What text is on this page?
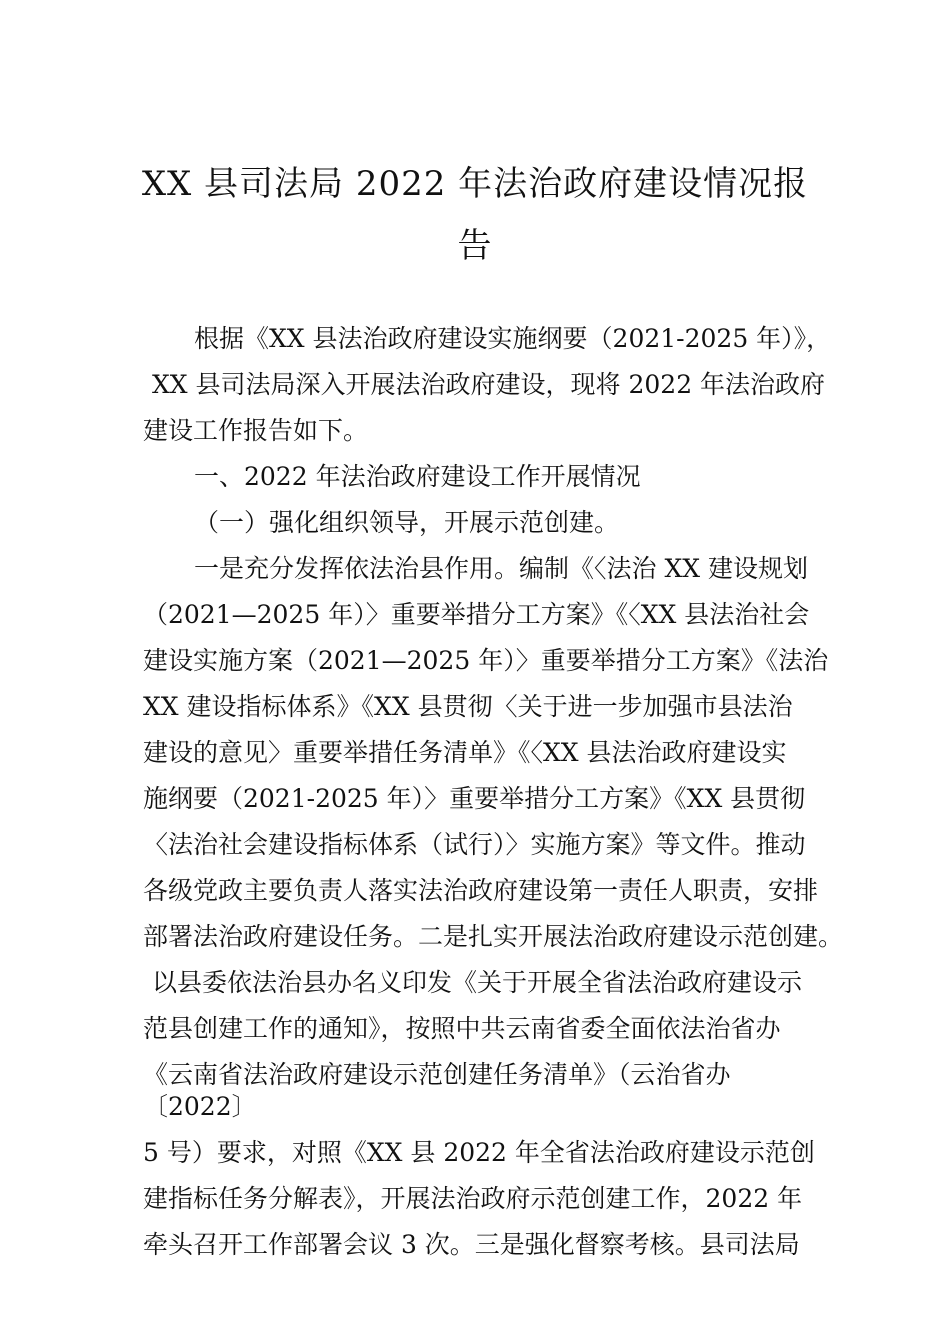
XX 县司法局 2022 年法治政府建设情况报
告
根据《XX 县法治政府建设实施纲要（2021-2025 年）》，
XX 县司法局深入开展法治政府建设，现将 2022 年法治政府
建设工作报告如下。
一、2022 年法治政府建设工作开展情况
（一）强化组织领导，开展示范创建。
一是充分发挥依法治县作用。编制《〈法治 XX 建设规划
（2021—2025 年）〉重要举措分工方案》《〈XX 县法治社会
建设实施方案（2021—2025 年）〉重要举措分工方案》《法治
XX 建设指标体系》《XX 县贯彻〈关于进一步加强市县法治
建设的意见〉重要举措任务清单》《〈XX 县法治政府建设实
施纲要（2021-2025 年）〉重要举措分工方案》《XX 县贯彻
〈法治社会建设指标体系（试行）〉实施方案》等文件。推动
各级党政主要负责人落实法治政府建设第一责任人职责，安排
部署法治政府建设任务。二是扎实开展法治政府建设示范创建。
以县委依法治县办名义印发《关于开展全省法治政府建设示
范县创建工作的通知》，按照中共云南省委全面依法治省办
《云南省法治政府建设示范创建任务清单》（云治省办
〔2022〕
5 号）要求，对照《XX 县 2022 年全省法治政府建设示范创
建指标任务分解表》，开展法治政府示范创建工作，2022 年
牵头召开工作部署会议 3 次。三是强化督察考核。县司法局
